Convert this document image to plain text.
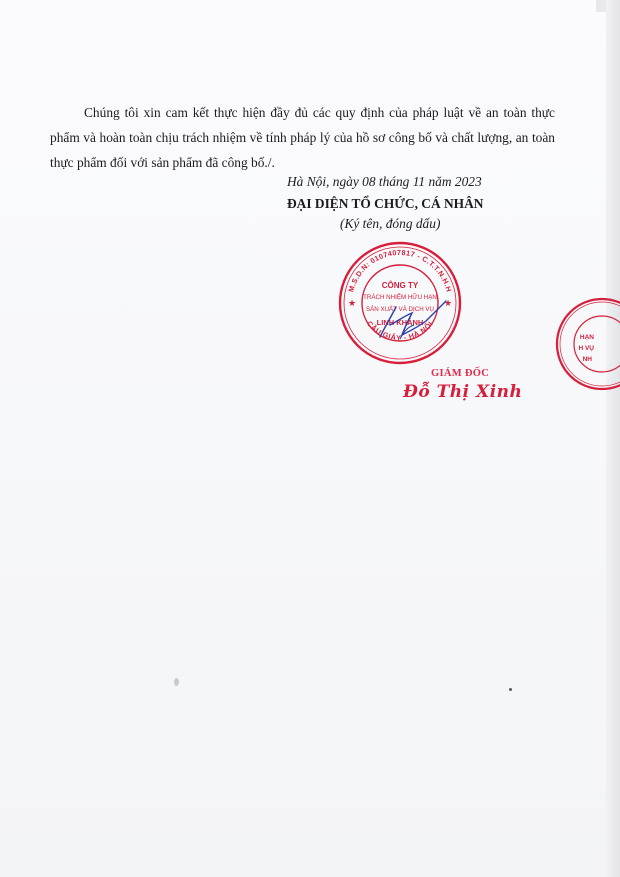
Chúng tôi xin cam kết thực hiện đầy đủ các quy định của pháp luật về an toàn thực phẩm và hoàn toàn chịu trách nhiệm về tính pháp lý của hồ sơ công bố và chất lượng, an toàn thực phẩm đối với sản phẩm đã công bố./.

Hà Nội, ngày 08 tháng 11 năm 2023
ĐẠI DIỆN TỔ CHỨC, CÁ NHÂN
(Ký tên, đóng dấu)
M.S.D.N: 0107407817 - C.T.T.N.H.H
CẦU GIẤY - HÀ NỘI
★	★
CÔNG TY
TRÁCH NHIỆM HỮU HẠN
SẢN XUẤT VÀ DỊCH VỤ
LINH KHÁNH
HẠN
H VỤ
NH
GIÁM ĐỐC
Đỗ Thị Xinh
